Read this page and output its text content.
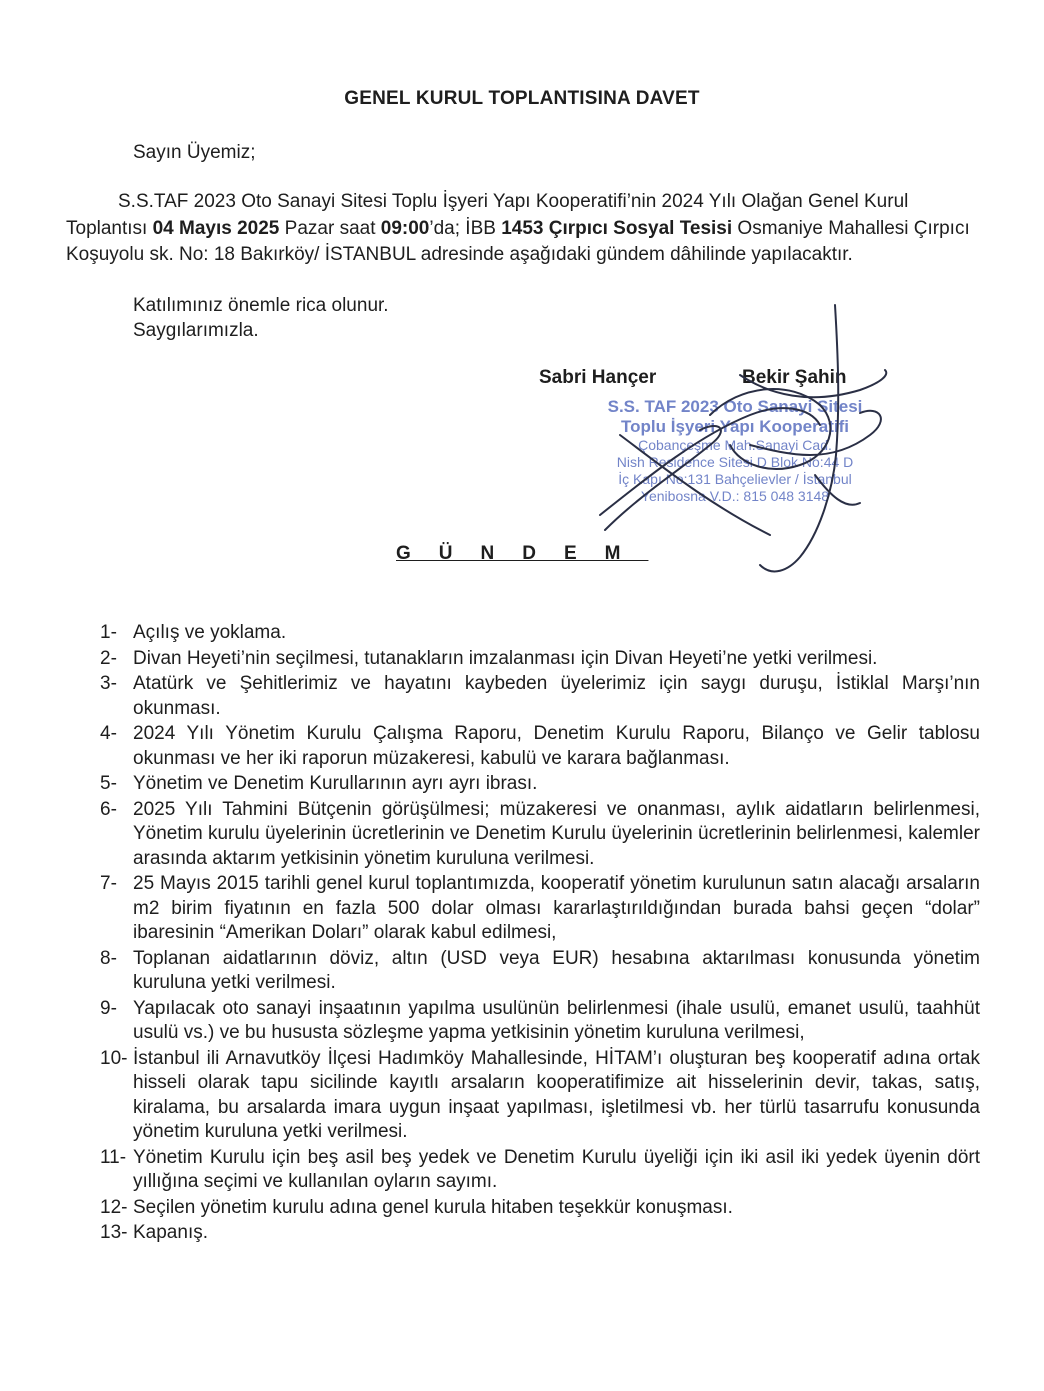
GENEL KURUL TOPLANTISINA DAVET
Sayın Üyemiz;
S.S.TAF 2023 Oto Sanayi Sitesi Toplu İşyeri Yapı Kooperatifi’nin 2024 Yılı Olağan Genel Kurul Toplantısı 04 Mayıs 2025 Pazar saat 09:00’da; İBB 1453 Çırpıcı Sosyal Tesisi Osmaniye Mahallesi Çırpıcı Koşuyolu sk. No: 18 Bakırköy/ İSTANBUL adresinde aşağıdaki gündem dâhilinde yapılacaktır.
Katılımınız önemle rica olunur.
Saygılarımızla.
Sabri Hançer	Bekir Şahin
S.S. TAF 2023 Oto Sanayi Sitesi
Toplu İşyeri Yapı Kooperatifi
Çobançeşme Mah.Sanayi Cad.
Nish Residence Sitesi D Blok No:44 D
İç Kapı No:131 Bahçelievler / İstanbul
Yenibosna V.D.: 815 048 3148
GÜNDEM
1- Açılış ve yoklama.
2- Divan Heyeti’nin seçilmesi, tutanakların imzalanması için Divan Heyeti’ne yetki verilmesi.
3- Atatürk ve Şehitlerimiz ve hayatını kaybeden üyelerimiz için saygı duruşu, İstiklal Marşı’nın okunması.
4- 2024 Yılı Yönetim Kurulu Çalışma Raporu, Denetim Kurulu Raporu, Bilanço ve Gelir tablosu okunması ve her iki raporun müzakeresi, kabulü ve karara bağlanması.
5- Yönetim ve Denetim Kurullarının ayrı ayrı ibrası.
6- 2025 Yılı Tahmini Bütçenin görüşülmesi; müzakeresi ve onanması, aylık aidatların belirlenmesi, Yönetim kurulu üyelerinin ücretlerinin ve Denetim Kurulu üyelerinin ücretlerinin belirlenmesi, kalemler arasında aktarım yetkisinin yönetim kuruluna verilmesi.
7- 25 Mayıs 2015 tarihli genel kurul toplantımızda, kooperatif yönetim kurulunun satın alacağı arsaların m2 birim fiyatının en fazla 500 dolar olması kararlaştırıldığından burada bahsi geçen “dolar” ibaresinin “Amerikan Doları” olarak kabul edilmesi,
8- Toplanan aidatlarının döviz, altın (USD veya EUR) hesabına aktarılması konusunda yönetim kuruluna yetki verilmesi.
9- Yapılacak oto sanayi inşaatının yapılma usulünün belirlenmesi (ihale usulü, emanet usulü, taahhüt usulü vs.) ve bu hususta sözleşme yapma yetkisinin yönetim kuruluna verilmesi,
10- İstanbul ili Arnavutköy İlçesi Hadımköy Mahallesinde, HİTAM’ı oluşturan beş kooperatif adına ortak hisseli olarak tapu sicilinde kayıtlı arsaların kooperatifimize ait hisselerinin devir, takas, satış, kiralama, bu arsalarda imara uygun inşaat yapılması, işletilmesi vb. her türlü tasarrufu konusunda yönetim kuruluna yetki verilmesi.
11- Yönetim Kurulu için beş asil beş yedek ve Denetim Kurulu üyeliği için iki asil iki yedek üyenin dört yıllığına seçimi ve kullanılan oyların sayımı.
12- Seçilen yönetim kurulu adına genel kurula hitaben teşekkür konuşması.
13- Kapanış.
